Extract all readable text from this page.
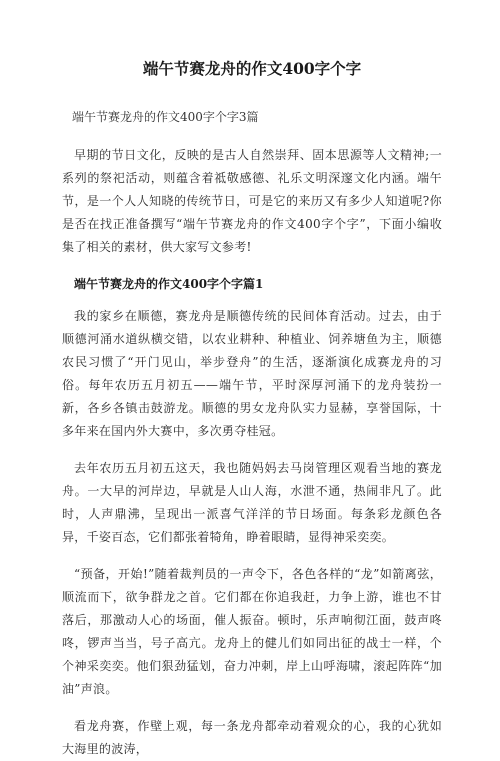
端午节赛龙舟的作文400字个字
端午节赛龙舟的作文400字个字3篇

早期的节日文化，反映的是古人自然崇拜、固本思源等人文精神;一系列的祭祀活动，则蕴含着祗敬感德、礼乐文明深邃文化内涵。端午节，是一个人人知晓的传统节日，可是它的来历又有多少人知道呢?你是否在找正准备撰写“端午节赛龙舟的作文400字个字”，下面小编收集了相关的素材，供大家写文参考!

端午节赛龙舟的作文400字个字篇1

我的家乡在顺德，赛龙舟是顺德传统的民间体育活动。过去，由于顺德河涌水道纵横交错，以农业耕种、种植业、饲养塘鱼为主，顺德农民习惯了“开门见山，举步登舟”的生活，逐渐演化成赛龙舟的习俗。每年农历五月初五——端午节，平时深厚河涌下的龙舟装扮一新，各乡各镇击鼓游龙。顺德的男女龙舟队实力显赫，享誉国际，十多年来在国内外大赛中，多次勇夺桂冠。

去年农历五月初五这天，我也随妈妈去马岗管理区观看当地的赛龙舟。一大早的河岸边，早就是人山人海，水泄不通，热闹非凡了。此时，人声鼎沸，呈现出一派喜气洋洋的节日场面。每条彩龙颜色各异，千姿百态，它们都张着犄角，睁着眼睛，显得神采奕奕。

“预备，开始!”随着裁判员的一声令下，各色各样的“龙”如箭离弦，顺流而下，欲争群龙之首。它们都在你追我赶，力争上游，谁也不甘落后，那激动人心的场面，催人振奋。顿时，乐声响彻江面，鼓声咚咚，锣声当当，号子高亢。龙舟上的健儿们如同出征的战士一样，个个神采奕奕。他们狠劲猛划，奋力冲刺，岸上山呼海啸，滚起阵阵“加油”声浪。

看龙舟赛，作壁上观，每一条龙舟都牵动着观众的心，我的心犹如大海里的波涛，
